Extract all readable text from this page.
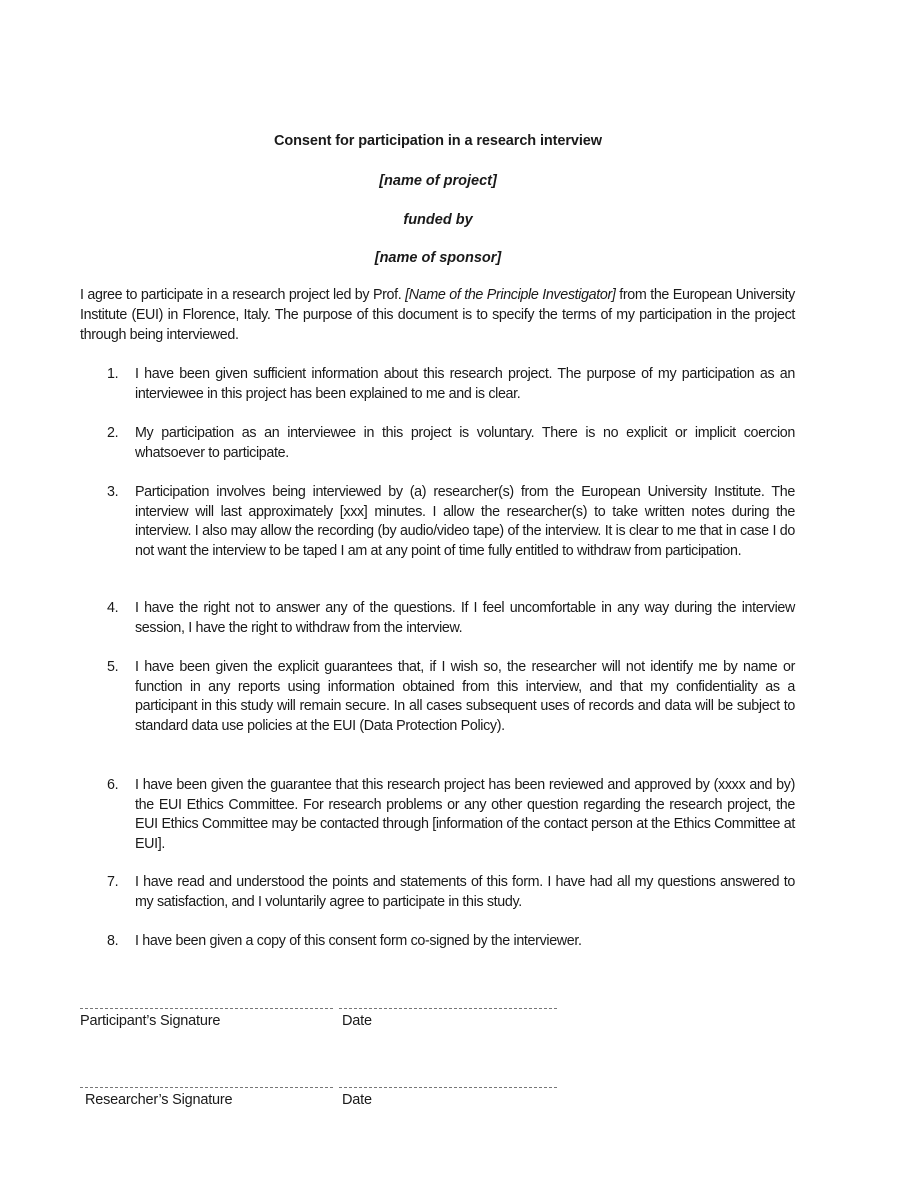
Consent for participation in a research interview
[name of project]
funded by
[name of sponsor]
I agree to participate in a research project led by Prof. [Name of the Principle Investigator] from the European University Institute (EUI) in Florence, Italy. The purpose of this document is to specify the terms of my participation in the project through being interviewed.
1.	I have been given sufficient information about this research project. The purpose of my participation as an interviewee in this project has been explained to me and is clear.
2.	My participation as an interviewee in this project is voluntary. There is no explicit or implicit coercion whatsoever to participate.
3.	Participation involves being interviewed by (a) researcher(s) from the European University Institute. The interview will last approximately [xxx] minutes. I allow the researcher(s) to take written notes during the interview. I also may allow the recording (by audio/video tape) of the interview. It is clear to me that in case I do not want the interview to be taped I am at any point of time fully entitled to withdraw from participation.
4.	I have the right not to answer any of the questions. If I feel uncomfortable in any way during the interview session, I have the right to withdraw from the interview.
5.	I have been given the explicit guarantees that, if I wish so, the researcher will not identify me by name or function in any reports using information obtained from this interview, and that my confidentiality as a participant in this study will remain secure. In all cases subsequent uses of records and data will be subject to standard data use policies at the EUI (Data Protection Policy).
6.	I have been given the guarantee that this research project has been reviewed and approved by (xxxx and by) the EUI Ethics Committee. For research problems or any other question regarding the research project, the EUI Ethics Committee may be contacted through [information of the contact person at the Ethics Committee at EUI].
7.	I have read and understood the points and statements of this form. I have had all my questions answered to my satisfaction, and I voluntarily agree to participate in this study.
8.	I have been given a copy of this consent form co-signed by the interviewer.
Participant’s Signature	Date
Researcher’s Signature	Date
